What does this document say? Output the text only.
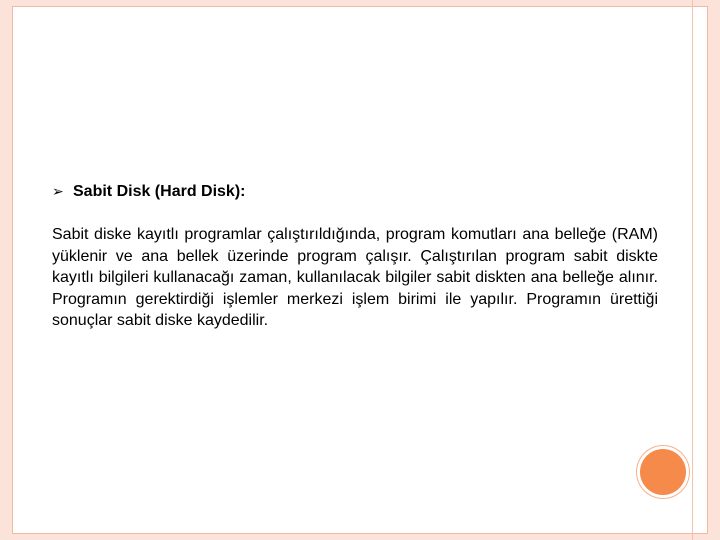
➢ Sabit Disk (Hard Disk):
Sabit diske kayıtlı programlar çalıştırıldığında, program komutları ana belleğe (RAM) yüklenir ve ana bellek üzerinde program çalışır. Çalıştırılan program sabit diskte kayıtlı bilgileri kullanacağı zaman, kullanılacak bilgiler sabit diskten ana belleğe alınır. Programın gerektirdiği işlemler merkezi işlem birimi ile yapılır. Programın ürettiği sonuçlar sabit diske kaydedilir.
